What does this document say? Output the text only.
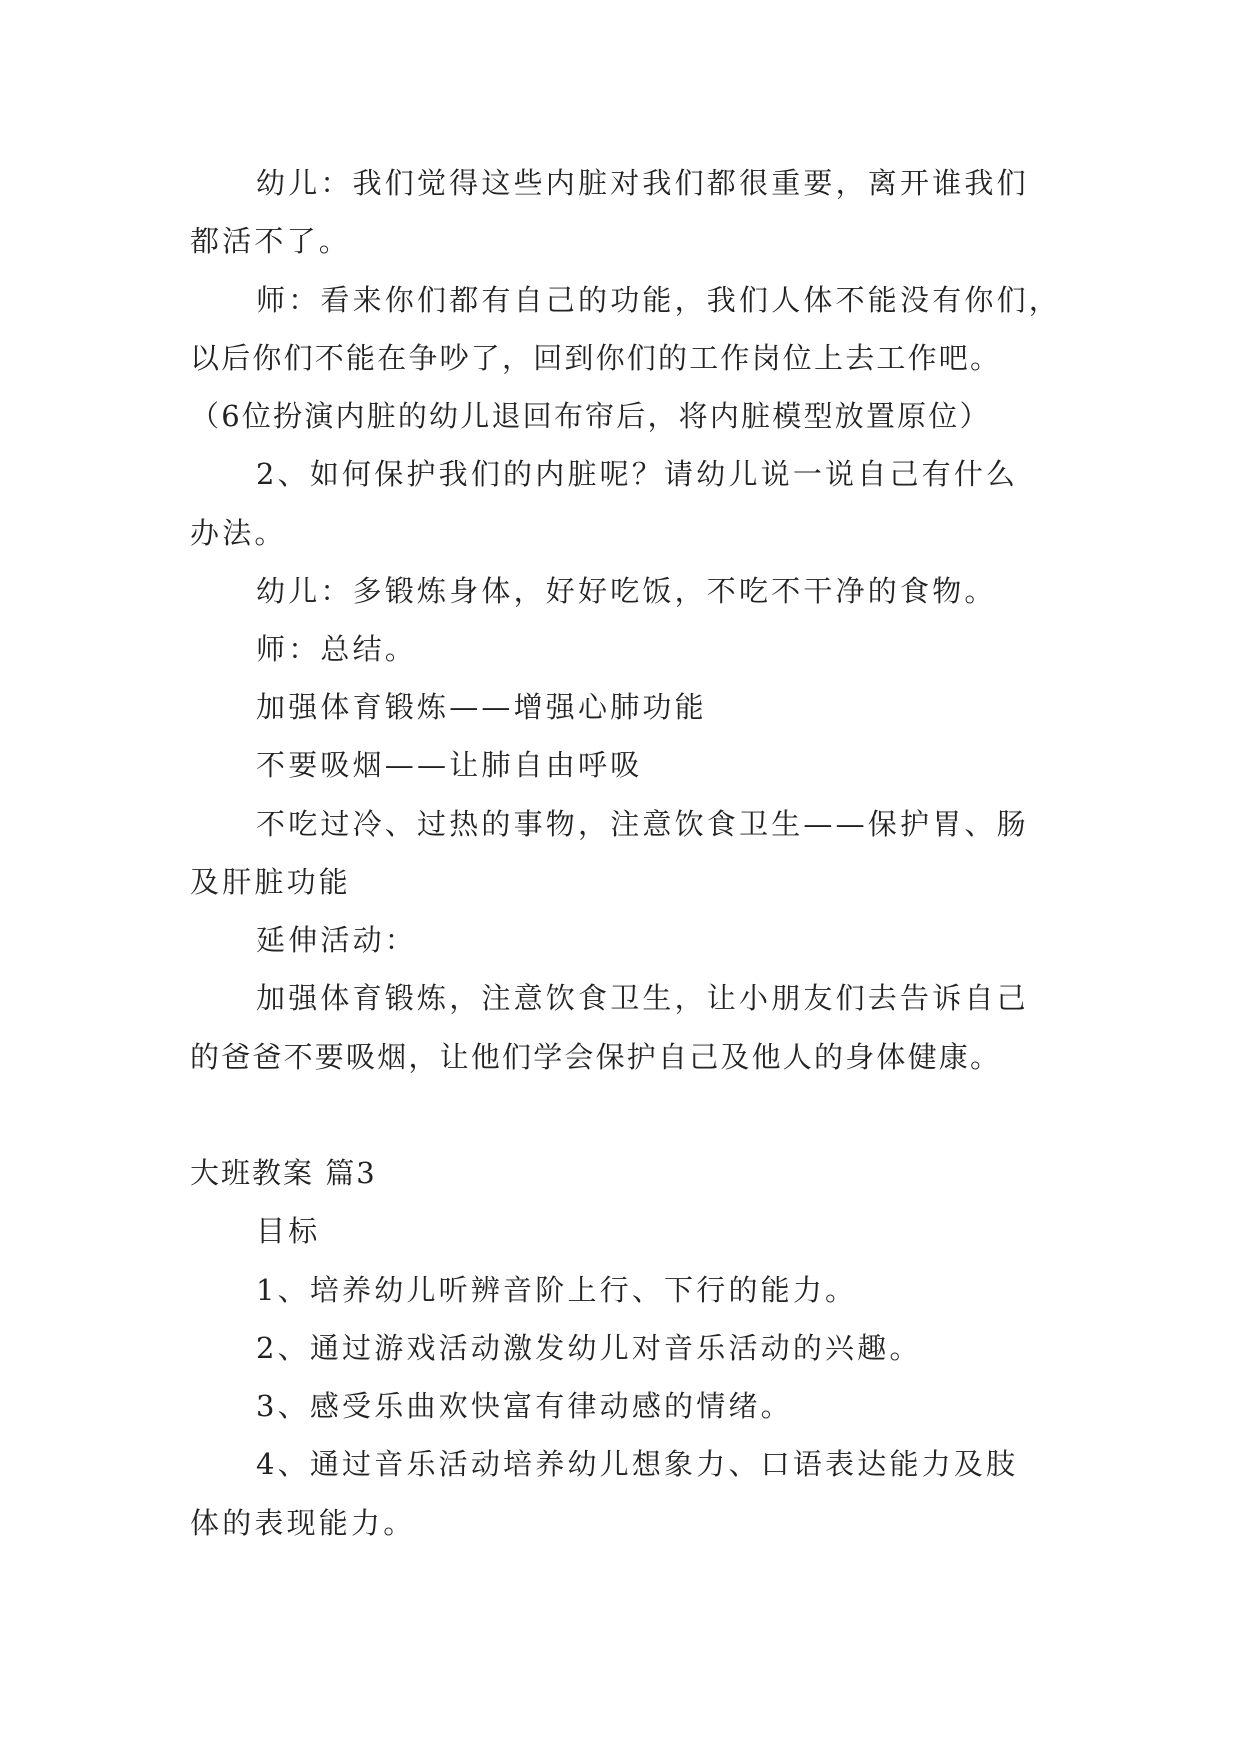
幼儿：我们觉得这些内脏对我们都很重要，离开谁我们
都活不了。
师：看来你们都有自己的功能，我们人体不能没有你们，
以后你们不能在争吵了，回到你们的工作岗位上去工作吧。
（6位扮演内脏的幼儿退回布帘后，将内脏模型放置原位）
2、如何保护我们的内脏呢？请幼儿说一说自己有什么
办法。
幼儿：多锻炼身体，好好吃饭，不吃不干净的食物。
师：总结。
加强体育锻炼——增强心肺功能
不要吸烟——让肺自由呼吸
不吃过冷、过热的事物，注意饮食卫生——保护胃、肠
及肝脏功能
延伸活动：
加强体育锻炼，注意饮食卫生，让小朋友们去告诉自己
的爸爸不要吸烟，让他们学会保护自己及他人的身体健康。
大班教案 篇3
目标
1、培养幼儿听辨音阶上行、下行的能力。
2、通过游戏活动激发幼儿对音乐活动的兴趣。
3、感受乐曲欢快富有律动感的情绪。
4、通过音乐活动培养幼儿想象力、口语表达能力及肢
体的表现能力。
